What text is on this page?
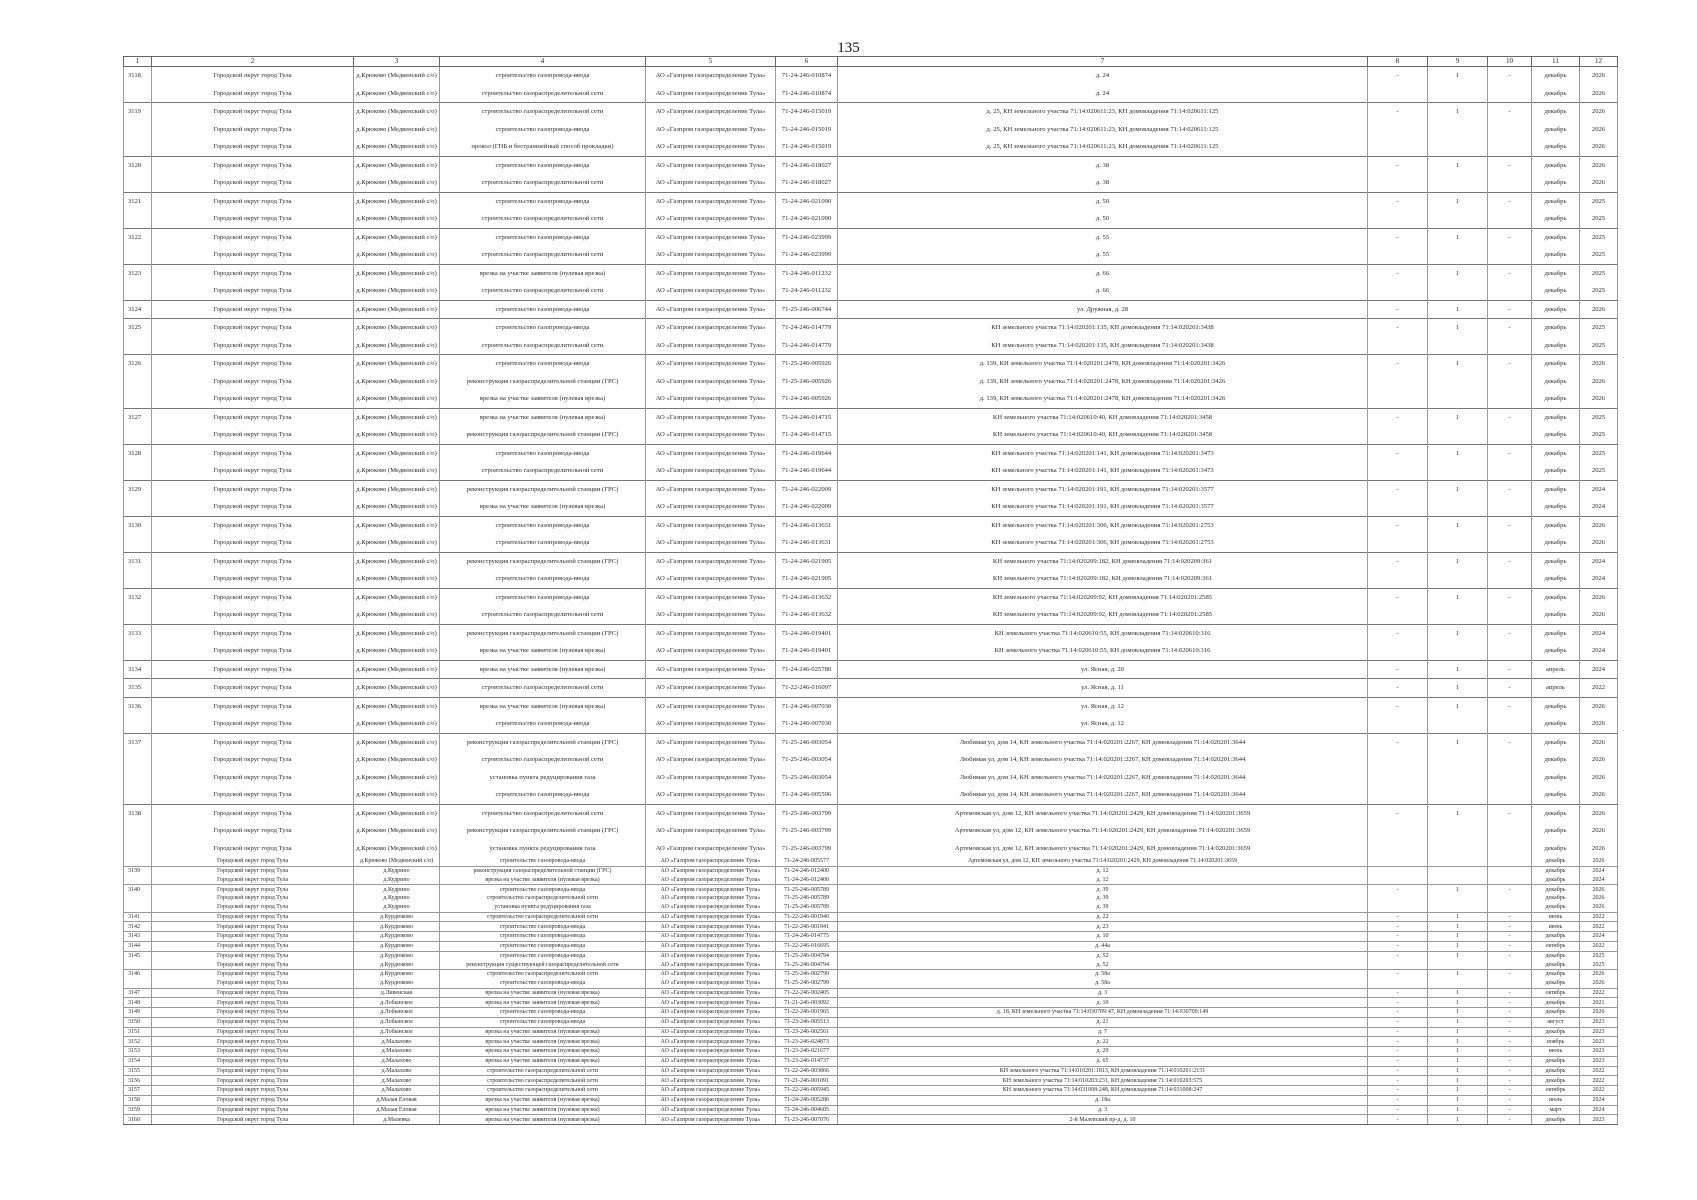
135
1	2	3	4	5	6	7	8	9	10	11	12
3118	Городской округ город Тула	д.Крюково (Медвенский с/о)	строительство газопровода-ввода	АО «Газпром газораспределение Тула»	71-24-246-010874	д. 24	-	1	-	декабрь	2026
	Городской округ город Тула	д.Крюково (Медвенский с/о)	строительство газораспределительной сети	АО «Газпром газораспределение Тула»	71-24-246-010874	д. 24				декабрь	2026
3119	Городской округ город Тула	д.Крюково (Медвенский с/о)	строительство газораспределительной сети	АО «Газпром газораспределение Тула»	71-24-246-015019	д. 25, КН земельного участка 71:14:020611:23, КН домовладения 71:14:020611:125	-	1	-	декабрь	2026
	Городской округ город Тула	д.Крюково (Медвенский с/о)	строительство газопровода-ввода	АО «Газпром газораспределение Тула»	71-24-246-015019	д. 25, КН земельного участка 71:14:020611:23, КН домовладения 71:14:020611:125				декабрь	2026
	Городской округ город Тула	д.Крюково (Медвенский с/о)	прокол (ГНБ и бестраншейный способ прокладки)	АО «Газпром газораспределение Тула»	71-24-246-015019	д. 25, КН земельного участка 71:14:020611:23, КН домовладения 71:14:020611:125				декабрь	2026
3120	Городской округ город Тула	д.Крюково (Медвенский с/о)	строительство газопровода-ввода	АО «Газпром газораспределение Тула»	71-24-246-018027	д. 38	-	1	-	декабрь	2026
	Городской округ город Тула	д.Крюково (Медвенский с/о)	строительство газораспределительной сети	АО «Газпром газораспределение Тула»	71-24-246-018027	д. 38				декабрь	2026
3121	Городской округ город Тула	д.Крюково (Медвенский с/о)	строительство газопровода-ввода	АО «Газпром газораспределение Тула»	71-24-246-021090	д. 50	-	1	-	декабрь	2025
	Городской округ город Тула	д.Крюково (Медвенский с/о)	строительство газораспределительной сети	АО «Газпром газораспределение Тула»	71-24-246-021090	д. 50				декабрь	2025
3122	Городской округ город Тула	д.Крюково (Медвенский с/о)	строительство газопровода-ввода	АО «Газпром газораспределение Тула»	71-24-246-023999	д. 55	-	1	-	декабрь	2025
	Городской округ город Тула	д.Крюково (Медвенский с/о)	строительство газораспределительной сети	АО «Газпром газораспределение Тула»	71-24-246-023999	д. 55				декабрь	2025
3123	Городской округ город Тула	д.Крюково (Медвенский с/о)	врезка на участке заявителя (нулевая врезка)	АО «Газпром газораспределение Тула»	71-24-246-011232	д. 66	-	1	-	декабрь	2025
	Городской округ город Тула	д.Крюково (Медвенский с/о)	строительство газораспределительной сети	АО «Газпром газораспределение Тула»	71-24-246-011232	д. 66				декабрь	2025
3124	Городской округ город Тула	д.Крюково (Медвенский с/о)	строительство газопровода-ввода	АО «Газпром газораспределение Тула»	71-25-246-006744	ул. Дружная, д. 28	-	1	-	декабрь	2026
3125	Городской округ город Тула	д.Крюково (Медвенский с/о)	строительство газопровода-ввода	АО «Газпром газораспределение Тула»	71-24-246-014779	КН земельного участка 71:14:020201:135, КН домовладения 71:14:020201:3438	-	1	-	декабрь	2025
	Городской округ город Тула	д.Крюково (Медвенский с/о)	строительство газораспределительной сети	АО «Газпром газораспределение Тула»	71-24-246-014779	КН земельного участка 71:14:020201:135, КН домовладения 71:14:020201:3438				декабрь	2025
3126	Городской округ город Тула	д.Крюково (Медвенский с/о)	строительство газопровода-ввода	АО «Газпром газораспределение Тула»	71-25-246-005926	д. 139, КН земельного участка 71:14:020201:2478, КН домовладения 71:14:020201:3426	-	1	-	декабрь	2026
	Городской округ город Тула	д.Крюково (Медвенский с/о)	реконструкция газораспределительной станции (ГРС)	АО «Газпром газораспределение Тула»	71-25-246-005926	д. 139, КН земельного участка 71:14:020201:2478, КН домовладения 71:14:020201:3426				декабрь	2026
	Городской округ город Тула	д.Крюково (Медвенский с/о)	врезка на участке заявителя (нулевая врезка)	АО «Газпром газораспределение Тула»	71-24-246-005926	д. 139, КН земельного участка 71:14:020201:2478, КН домовладения 71:14:020201:3426				декабрь	2026
3127	Городской округ город Тула	д.Крюково (Медвенский с/о)	врезка на участке заявителя (нулевая врезка)	АО «Газпром газораспределение Тула»	71-24-246-014715	КН земельного участка 71:14:020610:40, КН домовладения 71:14:020201:3458	-	1	-	декабрь	2025
	Городской округ город Тула	д.Крюково (Медвенский с/о)	реконструкция газораспределительной станции (ГРС)	АО «Газпром газораспределение Тула»	71-24-246-014715	КН земельного участка 71:14:020610:40, КН домовладения 71:14:020201:3458				декабрь	2025
3128	Городской округ город Тула	д.Крюково (Медвенский с/о)	строительство газопровода-ввода	АО «Газпром газораспределение Тула»	71-24-246-019644	КН земельного участка 71:14:020201:141, КН домовладения 71:14:020201:3473	-	1	-	декабрь	2025
	Городской округ город Тула	д.Крюково (Медвенский с/о)	строительство газораспределительной сети	АО «Газпром газораспределение Тула»	71-24-246-019644	КН земельного участка 71:14:020201:141, КН домовладения 71:14:020201:3473				декабрь	2025
3129	Городской округ город Тула	д.Крюково (Медвенский с/о)	реконструкция газораспределительной станции (ГРС)	АО «Газпром газораспределение Тула»	71-24-246-022009	КН земельного участка 71:14:020201:191, КН домовладения 71:14:020201:3577	-	1	-	декабрь	2024
	Городской округ город Тула	д.Крюково (Медвенский с/о)	врезка на участке заявителя (нулевая врезка)	АО «Газпром газораспределение Тула»	71-24-246-022009	КН земельного участка 71:14:020201:191, КН домовладения 71:14:020201:3577				декабрь	2024
3130	Городской округ город Тула	д.Крюково (Медвенский с/о)	строительство газопровода-ввода	АО «Газпром газораспределение Тула»	71-24-246-013631	КН земельного участка 71:14:020201:306, КН домовладения 71:14:020201:2753	-	1	-	декабрь	2026
	Городской округ город Тула	д.Крюково (Медвенский с/о)	строительство газопровода-ввода	АО «Газпром газораспределение Тула»	71-24-246-013631	КН земельного участка 71:14:020201:306, КН домовладения 71:14:020201:2753				декабрь	2026
3131	Городской округ город Тула	д.Крюково (Медвенский с/о)	реконструкция газораспределительной станции (ГРС)	АО «Газпром газораспределение Тула»	71-24-246-021905	КН земельного участка 71:14:020209:182, КН домовладения 71:14:020209:361	-	1	-	декабрь	2024
	Городской округ город Тула	д.Крюково (Медвенский с/о)	строительство газопровода-ввода	АО «Газпром газораспределение Тула»	71-24-246-021905	КН земельного участка 71:14:020209:182, КН домовладения 71:14:020209:361				декабрь	2024
3132	Городской округ город Тула	д.Крюково (Медвенский с/о)	строительство газопровода-ввода	АО «Газпром газораспределение Тула»	71-24-246-013632	КН земельного участка 71:14:020209:92, КН домовладения 71:14:020201:2585	-	1	-	декабрь	2026
	Городской округ город Тула	д.Крюково (Медвенский с/о)	строительство газораспределительной сети	АО «Газпром газораспределение Тула»	71-24-246-013632	КН земельного участка 71:14:020209:92, КН домовладения 71:14:020201:2585				декабрь	2026
3133	Городской округ город Тула	д.Крюково (Медвенский с/о)	реконструкция газораспределительной станции (ГРС)	АО «Газпром газораспределение Тула»	71-24-246-019401	КН земельного участка 71:14:020610:55, КН домовладения 71:14:020610:316	-	1	-	декабрь	2024
	Городской округ город Тула	д.Крюково (Медвенский с/о)	врезка на участке заявителя (нулевая врезка)	АО «Газпром газораспределение Тула»	71-24-246-019401	КН земельного участка 71:14:020610:55, КН домовладения 71:14:020610:316				декабрь	2024
3134	Городской округ город Тула	д.Крюково (Медвенский с/о)	врезка на участке заявителя (нулевая врезка)	АО «Газпром газораспределение Тула»	71-24-246-025780	ул. Ясная, д. 20	-	1	-	апрель	2024
3135	Городской округ город Тула	д.Крюково (Медвенский с/о)	строительство газораспределительной сети	АО «Газпром газораспределение Тула»	71-22-246-016097	ул. Ясная, д. 11	-	1	-	апрель	2022
3136	Городской округ город Тула	д.Крюково (Медвенский с/о)	врезка на участке заявителя (нулевая врезка)	АО «Газпром газораспределение Тула»	71-24-246-007030	ул. Ясная, д. 12	-	1	-	декабрь	2026
	Городской округ город Тула	д.Крюково (Медвенский с/о)	строительство газопровода-ввода	АО «Газпром газораспределение Тула»	71-24-246-007030	ул. Ясная, д. 12				декабрь	2026
3137	Городской округ город Тула	д.Крюково (Медвенский с/о)	реконструкция газораспределительной станции (ГРС)	АО «Газпром газораспределение Тула»	71-25-246-003054	Любимая ул, дом 14, КН земельного участка 71:14:020201:2267, КН домовладения 71:14:020201:3644	-	1	-	декабрь	2026
	Городской округ город Тула	д.Крюково (Медвенский с/о)	строительство газораспределительной сети	АО «Газпром газораспределение Тула»	71-25-246-003054	Любимая ул, дом 14, КН земельного участка 71:14:020201:2267, КН домовладения 71:14:020201:3644				декабрь	2026
	Городской округ город Тула	д.Крюково (Медвенский с/о)	установка пункта редуцирования газа	АО «Газпром газораспределение Тула»	71-25-246-003054	Любимая ул, дом 14, КН земельного участка 71:14:020201:2267, КН домовладения 71:14:020201:3644				декабрь	2026
	Городской округ город Тула	д.Крюково (Медвенский с/о)	строительство газопровода-ввода	АО «Газпром газораспределение Тула»	71-24-246-005596	Любимая ул, дом 14, КН земельного участка 71:14:020201:2267, КН домовладения 71:14:020201:3644				декабрь	2026
3138	Городской округ город Тула	д.Крюково (Медвенский с/о)	строительство газораспределительной сети	АО «Газпром газораспределение Тула»	71-25-246-003799	Артемовская ул, дом 12, КН земельного участка 71:14:020201:2429, КН домовладения 71:14:020201:3659	-	1	-	декабрь	2026
	Городской округ город Тула	д.Крюково (Медвенский с/о)	реконструкция газораспределительной станции (ГРС)	АО «Газпром газораспределение Тула»	71-25-246-003799	Артемовская ул, дом 12, КН земельного участка 71:14:020201:2429, КН домовладения 71:14:020201:3659				декабрь	2026
	Городской округ город Тула	д.Крюково (Медвенский с/о)	установка пункта редуцирования газа	АО «Газпром газораспределение Тула»	71-25-246-003799	Артемовская ул, дом 12, КН земельного участка 71:14:020201:2429, КН домовладения 71:14:020201:3659				декабрь	2026
	Городской округ город Тула	д.Крюково (Медвенский с/о)	строительство газопровода-ввода	АО «Газпром газораспределение Тула»	71-24-246-005577	Артемовская ул, дом 12, КН земельного участка 71:14:020201:2429, КН домовладения 71:14:020201:3659				декабрь	2026
3139	Городской округ город Тула	д.Кудрино	реконструкция газораспределительной станции (ГРС)	АО «Газпром газораспределение Тула»	71-24-246-012400	д. 12				декабрь	2024
	Городской округ город Тула	д.Кудрино	врезка на участке заявителя (нулевая врезка)	АО «Газпром газораспределение Тула»	71-24-246-012400	д. 12				декабрь	2024
3140	Городской округ город Тула	д.Кудрино	строительство газопровода-ввода	АО «Газпром газораспределение Тула»	71-25-246-005789	д. 39	-	1	-	декабрь	2026
	Городской округ город Тула	д.Кудрино	строительство газораспределительной сети	АО «Газпром газораспределение Тула»	71-25-246-005789	д. 39				декабрь	2026
	Городской округ город Тула	д.Кудрино	установка пункта редуцирования газа	АО «Газпром газораспределение Тула»	71-25-246-005789	д. 39				декабрь	2026
3141	Городской округ город Тула	д.Курдюково	строительство газораспределительной сети	АО «Газпром газораспределение Тула»	71-22-246-001940	д. 22	-	1	-	июнь	2022
3142	Городской округ город Тула	д.Курдюково	строительство газопровода-ввода	АО «Газпром газораспределение Тула»	71-22-246-001941	д. 23	-	1	-	июнь	2022
3143	Городской округ город Тула	д.Курдюково	строительство газопровода-ввода	АО «Газпром газораспределение Тула»	71-24-246-014775	д. 10	-	1	-	декабрь	2024
3144	Городской округ город Тула	д.Курдюково	строительство газопровода-ввода	АО «Газпром газораспределение Тула»	71-22-246-016695	д. 44а	-	1	-	октябрь	2022
3145	Городской округ город Тула	д.Курдюково	строительство газопровода-ввода	АО «Газпром газораспределение Тула»	71-25-246-004794	д. 52	-	1	-	декабрь	2025
	Городской округ город Тула	д.Курдюково	реконструкция существующей газораспределительной сети	АО «Газпром газораспределение Тула»	71-25-246-004794	д. 52				декабрь	2025
3146	Городской округ город Тула	д.Курдюково	строительство газораспределительной сети	АО «Газпром газораспределение Тула»	71-25-246-002799	д. 58а	-	1	-	декабрь	2026
	Городской округ город Тула	д.Курдюково	строительство газопровода-ввода	АО «Газпром газораспределение Тула»	71-25-246-002799	д. 58а				декабрь	2026
3147	Городской округ город Тула	д.Ливенская	врезка на участке заявителя (нулевая врезка)	АО «Газпром газораспределение Тула»	71-22-246-002405	д. 3	-	1	-	октябрь	2022
3148	Городской округ город Тула	д.Лобынское	врезка на участке заявителя (нулевая врезка)	АО «Газпром газораспределение Тула»	71-21-246-003092	д. 10	-	1	-	декабрь	2021
3149	Городской округ город Тула	д.Лобынское	строительство газопровода-ввода	АО «Газпром газораспределение Тула»	71-22-246-001965	д. 18, КН земельного участка 71:14:030709:47, КН домовладения 71:14:030709:149	-	1	-	декабрь	2026
3150	Городской округ город Тула	д.Лобынское	строительство газопровода-ввода	АО «Газпром газораспределение Тула»	71-23-246-005513	д. 21	-	1	-	август	2023
3151	Городской округ город Тула	д.Лобынское	врезка на участке заявителя (нулевая врезка)	АО «Газпром газораспределение Тула»	71-23-246-002561	д. 7	-	1	-	декабрь	2023
3152	Городской округ город Тула	д.Малахово	врезка на участке заявителя (нулевая врезка)	АО «Газпром газораспределение Тула»	71-23-246-024873	д. 22	-	1	-	ноябрь	2023
3153	Городской округ город Тула	д.Малахово	врезка на участке заявителя (нулевая врезка)	АО «Газпром газораспределение Тула»	71-23-246-021677	д. 29	-	1	-	июнь	2023
3154	Городской округ город Тула	д.Малахово	врезка на участке заявителя (нулевая врезка)	АО «Газпром газораспределение Тула»	71-23-246-014737	д. 65	-	1	-	декабрь	2023
3155	Городской округ город Тула	д.Малахово	строительство газораспределительной сети	АО «Газпром газораспределение Тула»	71-22-246-003866	КН земельного участка 71:14:010201:1813, КН домовладения 71:14:010201:2151	-	1	-	декабрь	2022
3156	Городской округ город Тула	д.Малахово	строительство газораспределительной сети	АО «Газпром газораспределение Тула»	71-21-246-001091	КН земельного участка 71:14:010203:231, КН домовладения 71:14:010203:575	-	1	-	декабрь	2022
3157	Городской округ город Тула	д.Малахово	строительство газораспределительной сети	АО «Газпром газораспределение Тула»	71-22-246-005945	КН земельного участка 71:14:031008:248, КН домовладения 71:14:031008:247	-	1	-	октябрь	2022
3158	Городской округ город Тула	д.Малая Еловая	врезка на участке заявителя (нулевая врезка)	АО «Газпром газораспределение Тула»	71-24-246-005286	д. 18а	-	1	-	июль	2024
3159	Городской округ город Тула	д.Малая Еловая	врезка на участке заявителя (нулевая врезка)	АО «Газпром газораспределение Тула»	71-24-246-004605	д. 3	-	1	-	март	2024
3160	Городской округ город Тула	д.Малевка	врезка на участке заявителя (нулевая врезка)	АО «Газпром газораспределение Тула»	71-23-246-007076	2-й Малевский пр-д, д. 10	-	1	-	декабрь	2023
